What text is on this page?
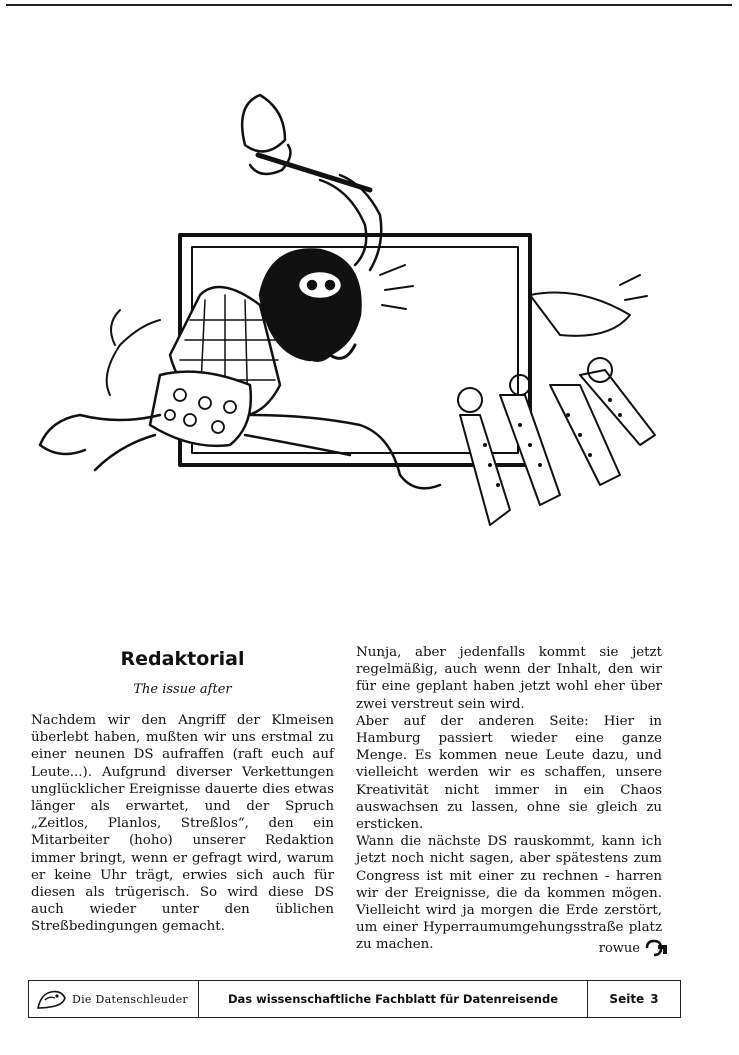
Redaktorial
The issue after

Nachdem wir den Angriff der Klmeisen überlebt haben, mußten wir uns erstmal zu einer neunen DS aufraffen (raft euch auf Leute...). Aufgrund diverser Verkettungen unglücklicher Ereignisse dauerte dies etwas länger als erwartet, und der Spruch „Zeitlos, Planlos, Streßlos“, den ein Mitarbeiter (hoho) unserer Redaktion immer bringt, wenn er gefragt wird, warum er keine Uhr trägt, erwies sich auch für diesen als trügerisch. So wird diese DS auch wieder unter den üblichen Streßbedingungen gemacht.

Nunja, aber jedenfalls kommt sie jetzt regelmäßig, auch wenn der Inhalt, den wir für eine geplant haben jetzt wohl eher über zwei verstreut sein wird.

Aber auf der anderen Seite: Hier in Hamburg passiert wieder eine ganze Menge. Es kommen neue Leute dazu, und vielleicht werden wir es schaffen, unsere Kreativität nicht immer in ein Chaos auswachsen zu lassen, ohne sie gleich zu ersticken.

Wann die nächste DS rauskommt, kann ich jetzt noch nicht sagen, aber spätestens zum Congress ist mit einer zu rechnen - harren wir der Ereignisse, die da kommen mögen. Vielleicht wird ja morgen die Erde zerstört, um einer Hyperraumumgehungsstraße platz zu machen.	rowue
Die Datenschleuder	Das wissenschaftliche Fachblatt für Datenreisende	Seite 3
